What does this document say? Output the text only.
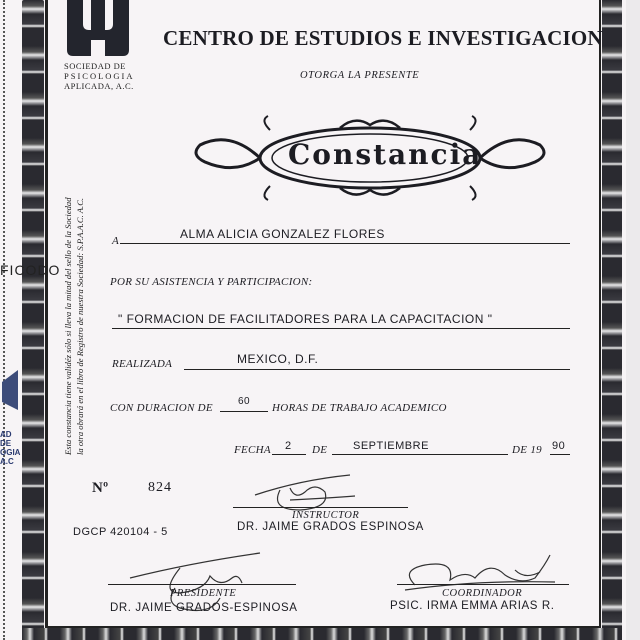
FICODO
AD DE
OGIA
A.C
SOCIEDAD DE
PSICOLOGIA
APLICADA, A.C.
CENTRO DE ESTUDIOS E INVESTIGACION
OTORGA LA PRESENTE
Constancia
Esta constancia tiene validéz sólo si lleva la mitad del sello de la Sociedad la otra obrará en el libro de Registro de nuestra Sociedad: S.P.A.A.C. A.C. A	ALMA ALICIA GONZALEZ FLORES
POR SU ASISTENCIA Y PARTICIPACION:
" FORMACION DE FACILITADORES PARA LA CAPACITACION "
REALIZADA	MEXICO, D.F.
CON DURACION DE
60
HORAS DE TRABAJO ACADEMICO
FECHA 2 DE SEPTIEMBRE	DE 19 90
Nº	824
DGCP 420104 - 5
INSTRUCTOR
DR. JAIME GRADOS ESPINOSA
PRESIDENTE
DR. JAIME GRADOS-ESPINOSA
COORDINADOR
PSIC. IRMA EMMA ARIAS R.
